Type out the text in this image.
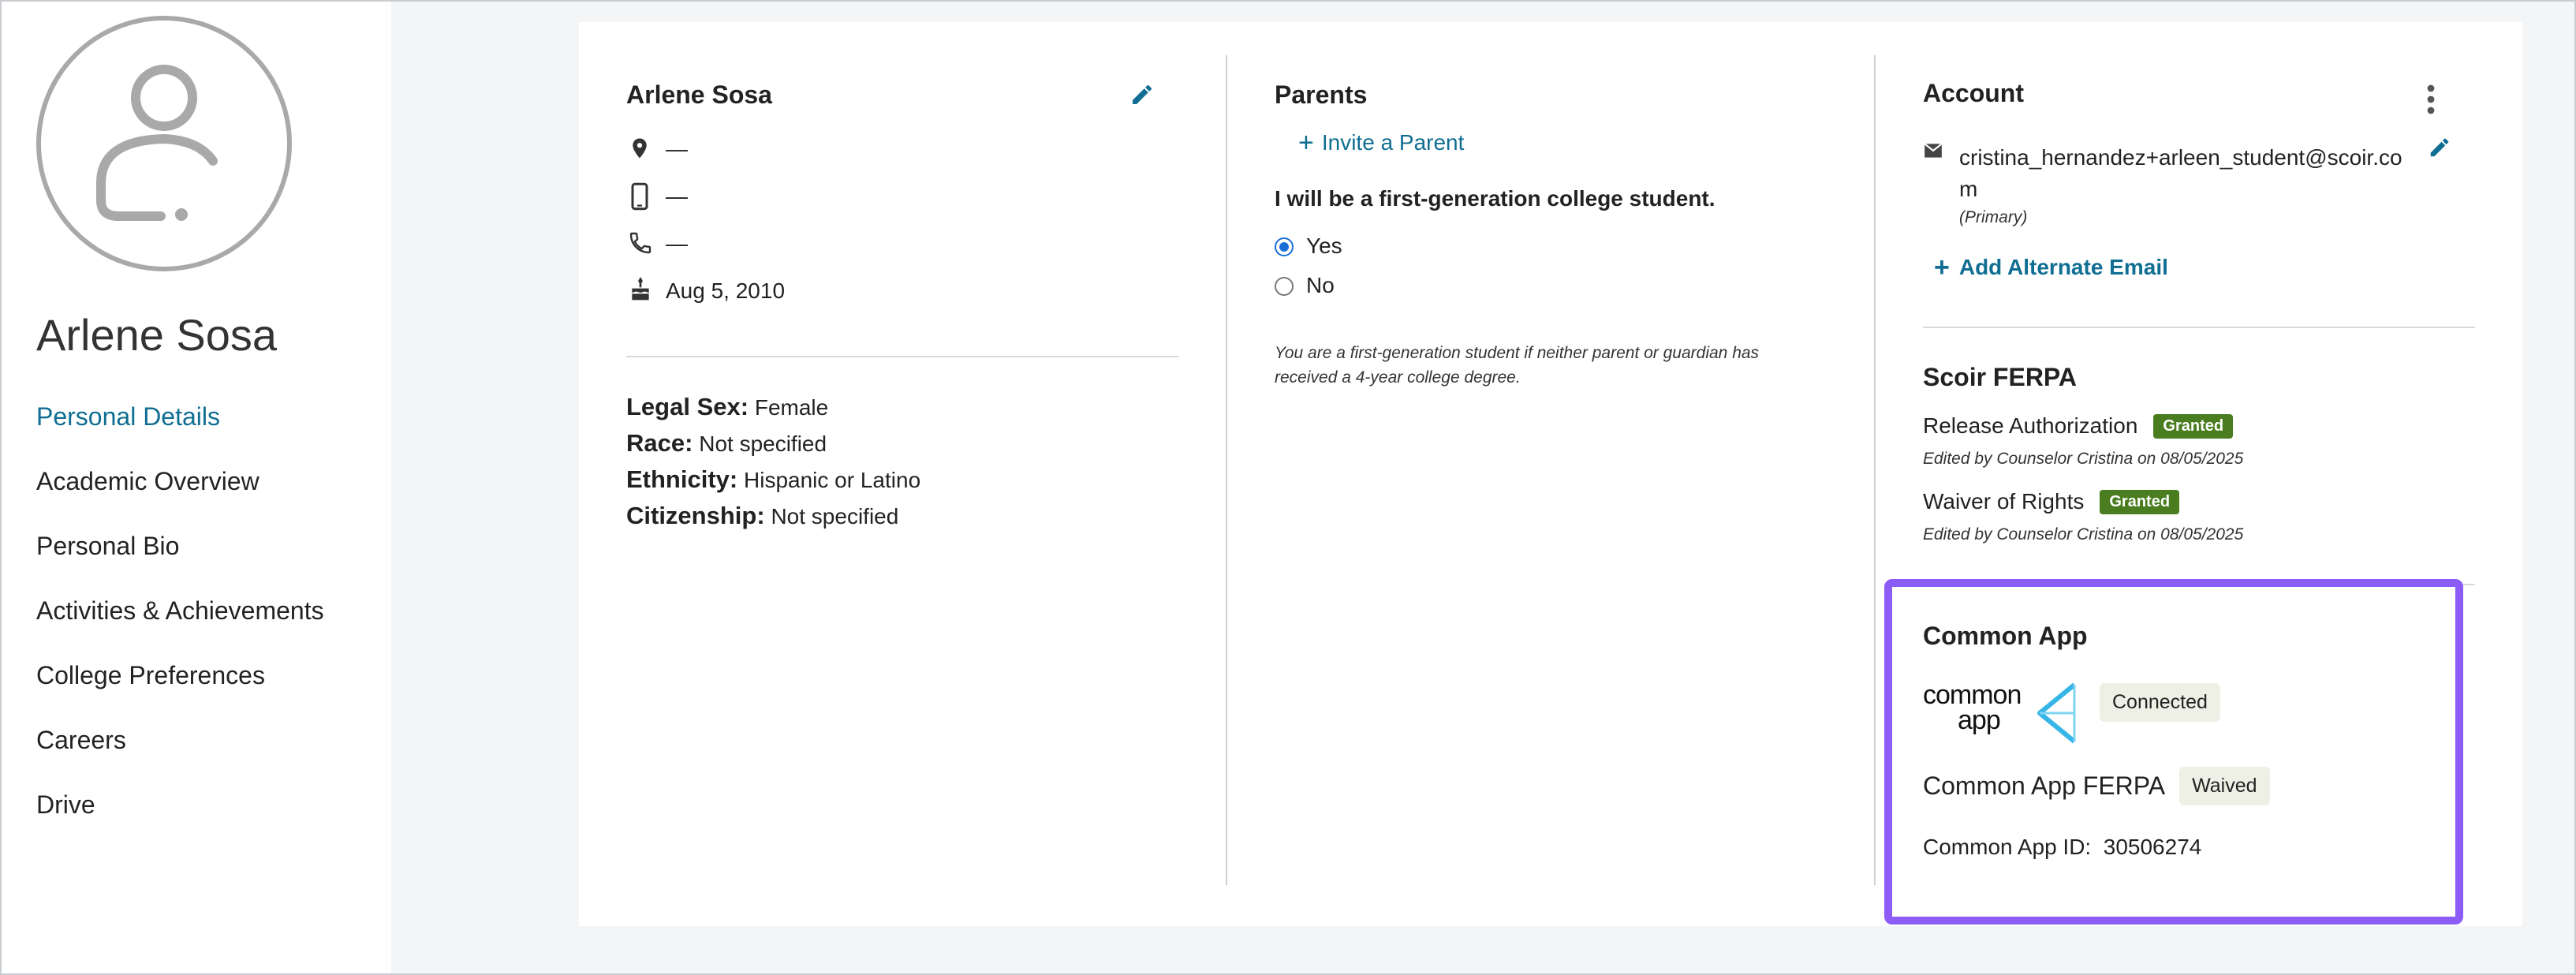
Arlene Sosa
Personal Details
Academic Overview
Personal Bio
Activities & Achievements
College Preferences
Careers
Drive
Arlene Sosa
—
—
—
Aug 5, 2010
Legal Sex: Female
Race: Not specified
Ethnicity: Hispanic or Latino
Citizenship: Not specified
Parents
+ Invite a Parent
I will be a first-generation college student.
Yes
No
You are a first-generation student if neither parent or guardian has received a 4-year college degree.
Account
cristina_hernandez+arleen_student@scoir.co
m
(Primary)
+ Add Alternate Email
Scoir FERPA
Release Authorization	Granted
Edited by Counselor Cristina on 08/05/2025
Waiver of Rights	Granted
Edited by Counselor Cristina on 08/05/2025
Common App
common
app
Connected
Common App FERPA	Waived
Common App ID: 30506274
